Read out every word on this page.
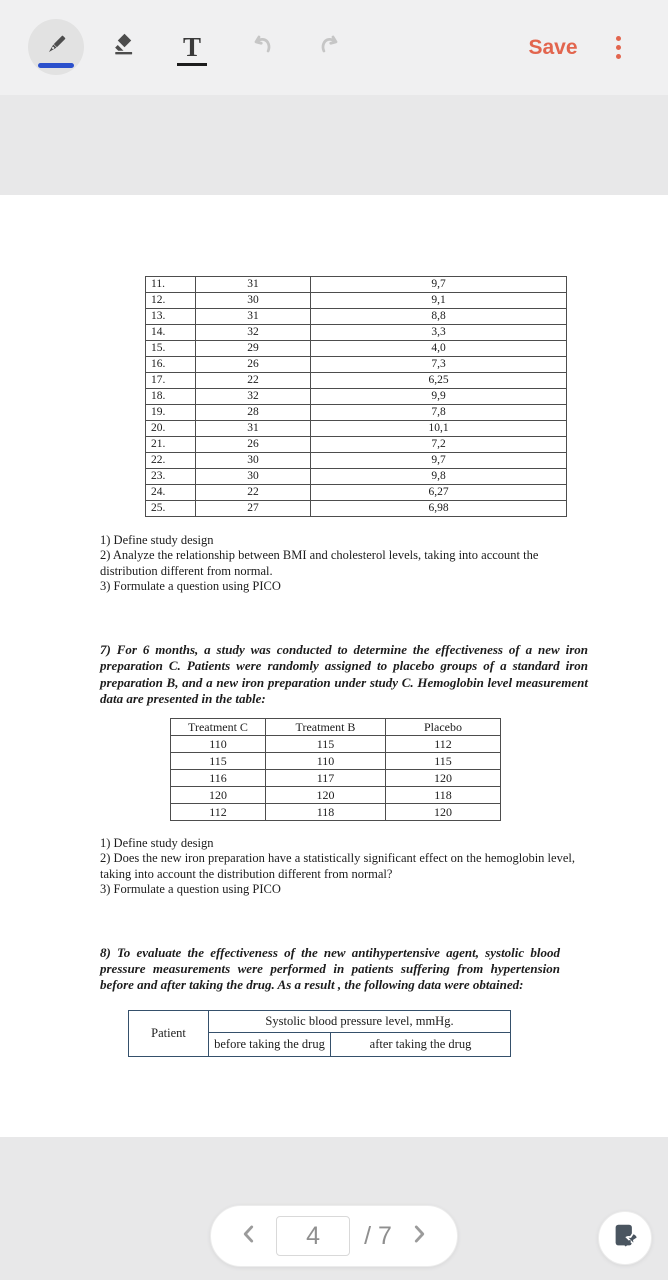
T	Save
11.	31	9,7
12.	30	9,1
13.	31	8,8
14.	32	3,3
15.	29	4,0
16.	26	7,3
17.	22	6,25
18.	32	9,9
19.	28	7,8
20.	31	10,1
21.	26	7,2
22.	30	9,7
23.	30	9,8
24.	22	6,27
25.	27	6,98
1) Define study design
2) Analyze the relationship between BMI and cholesterol levels, taking into account the distribution different from normal.
3) Formulate a question using PICO
7) For 6 months, a study was conducted to determine the effectiveness of a new iron preparation C. Patients were randomly assigned to placebo groups of a standard iron preparation B, and a new iron preparation under study C. Hemoglobin level measurement data are presented in the table:
Treatment C	Treatment B	Placebo
110	115	112
115	110	115
116	117	120
120	120	118
112	118	120
1) Define study design
2) Does the new iron preparation have a statistically significant effect on the hemoglobin level, taking into account the distribution different from normal?
3) Formulate a question using PICO
8) To evaluate the effectiveness of the new antihypertensive agent, systolic blood pressure measurements were performed in patients suffering from hypertension before and after taking the drug. As a result , the following data were obtained:
Patient	Systolic blood pressure level, mmHg.	
	before taking the drug	after taking the drug
4
/ 7
